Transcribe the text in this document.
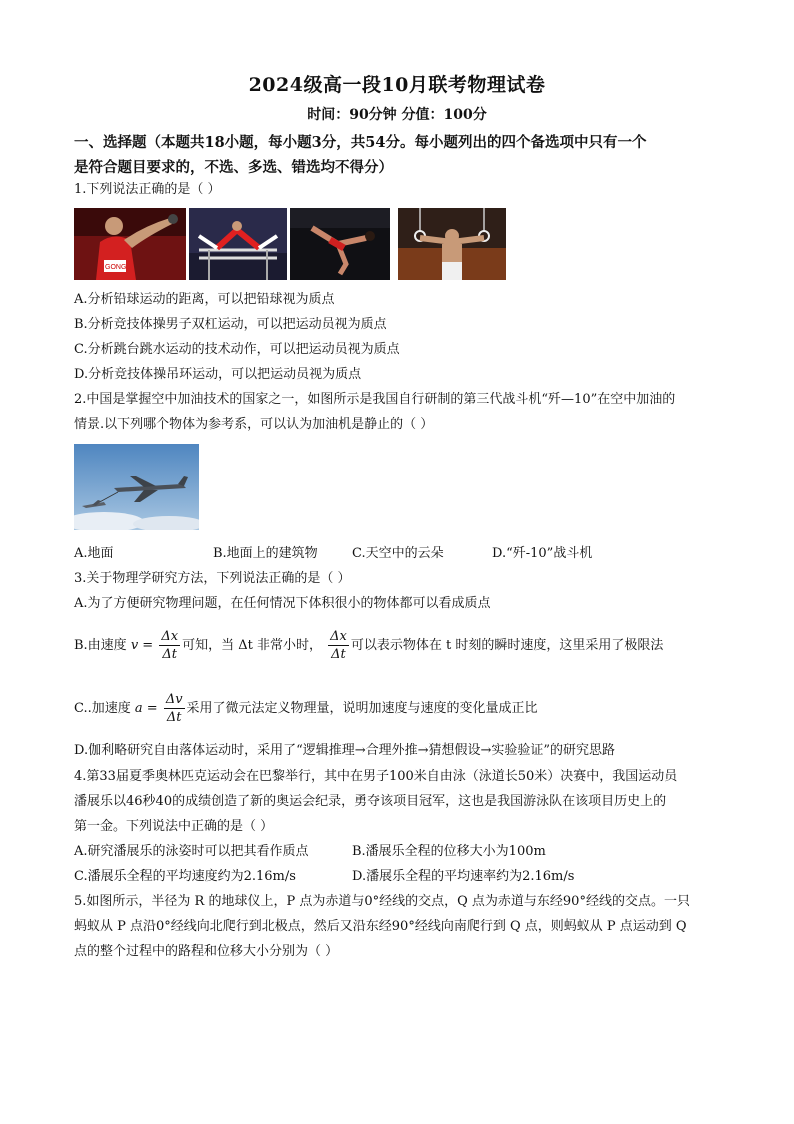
2024级高一段10月联考物理试卷
时间：90分钟 分值：100分
一、选择题（本题共18小题，每小题3分，共54分。每小题列出的四个备选项中只有一个
是符合题目要求的，不选、多选、错选均不得分）
1.下列说法正确的是（ ）
GONG
A.分析铅球运动的距离，可以把铅球视为质点
B.分析竞技体操男子双杠运动，可以把运动员视为质点
C.分析跳台跳水运动的技术动作，可以把运动员视为质点
D.分析竞技体操吊环运动，可以把运动员视为质点
2.中国是掌握空中加油技术的国家之一，如图所示是我国自行研制的第三代战斗机“歼—10”在空中加油的
情景.以下列哪个物体为参考系，可以认为加油机是静止的（ ）
A.地面	B.地面上的建筑物	C.天空中的云朵	D.“歼-10”战斗机
3.关于物理学研究方法，下列说法正确的是（ ）
A.为了方便研究物理问题，在任何情况下体积很小的物体都可以看成质点
B.由速度 $v = \frac{\Delta x}{\Delta t}$ 可知，当 Δt 非常小时， $\frac{\Delta x}{\Delta t}$ 可以表示物体在 t 时刻的瞬时速度，这里采用了极限法
C..加速度 $a = \frac{\Delta v}{\Delta t}$ 采用了微元法定义物理量，说明加速度与速度的变化量成正比
D.伽利略研究自由落体运动时，采用了“逻辑推理→合理外推→猜想假设→实验验证”的研究思路
4.第33届夏季奥林匹克运动会在巴黎举行，其中在男子100米自由泳（泳道长50米）决赛中，我国运动员
潘展乐以46秒40的成绩创造了新的奥运会纪录，勇夺该项目冠军，这也是我国游泳队在该项目历史上的
第一金。下列说法中正确的是（ ）
A.研究潘展乐的泳姿时可以把其看作质点	B.潘展乐全程的位移大小为100m
C.潘展乐全程的平均速度约为2.16m/s	D.潘展乐全程的平均速率约为2.16m/s
5.如图所示，半径为 R 的地球仪上，P 点为赤道与0°经线的交点，Q 点为赤道与东经90°经线的交点。一只
蚂蚁从 P 点沿0°经线向北爬行到北极点，然后又沿东经90°经线向南爬行到 Q 点，则蚂蚁从 P 点运动到 Q
点的整个过程中的路程和位移大小分别为（ ）
